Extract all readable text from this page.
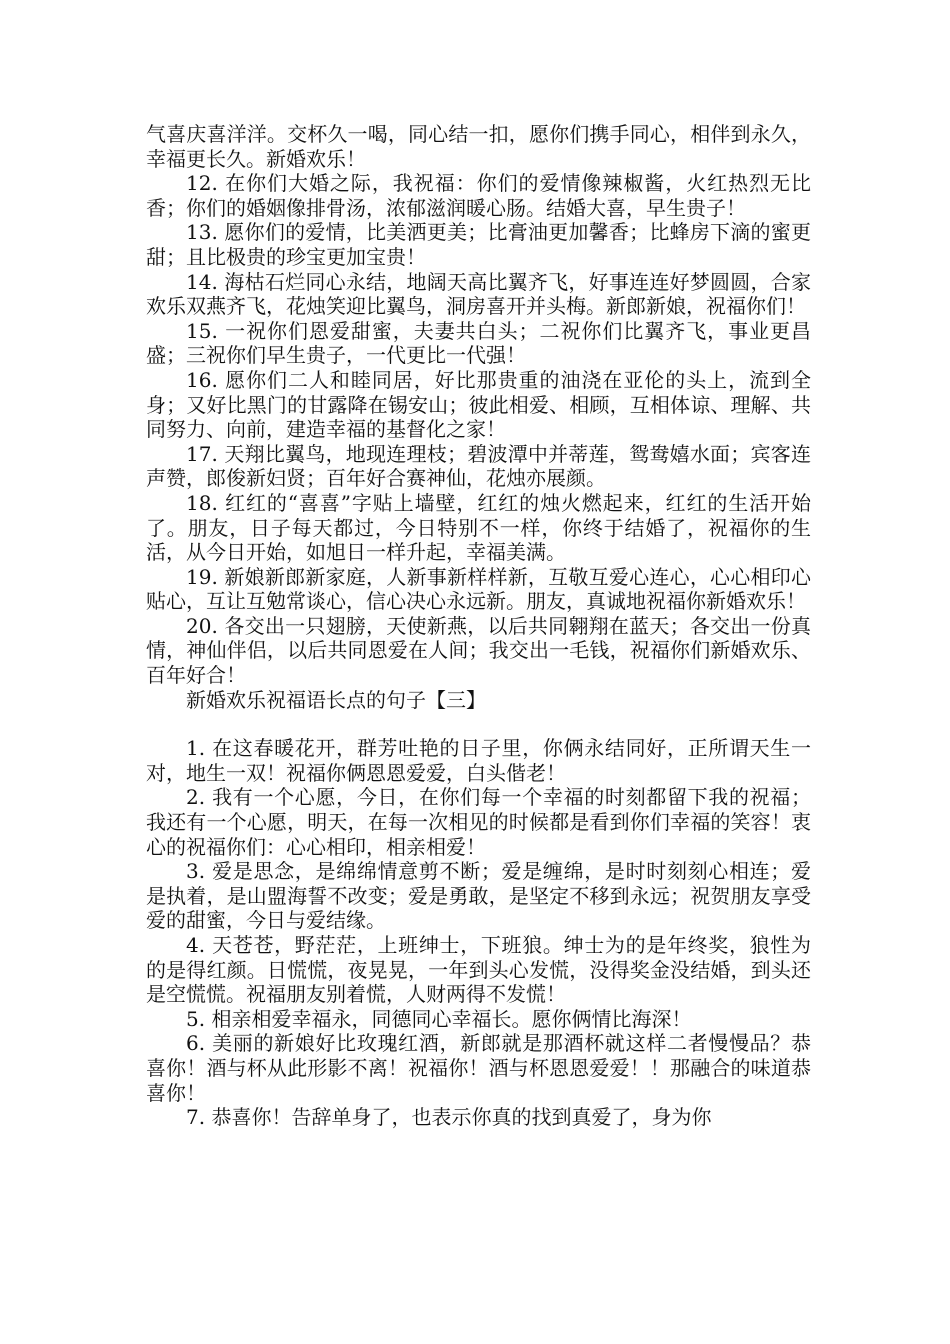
气喜庆喜洋洋。交杯久一喝，同心结一扣，愿你们携手同心，相伴到永久，幸福更长久。新婚欢乐！

12. 在你们大婚之际，我祝福：你们的爱情像辣椒酱，火红热烈无比香；你们的婚姻像排骨汤，浓郁滋润暖心肠。结婚大喜，早生贵子！

13. 愿你们的爱情，比美洒更美；比膏油更加馨香；比蜂房下滴的蜜更甜；且比极贵的珍宝更加宝贵！

14. 海枯石烂同心永结，地阔天高比翼齐飞，好事连连好梦圆圆，合家欢乐双燕齐飞，花烛笑迎比翼鸟，洞房喜开并头梅。新郎新娘，祝福你们！

15. 一祝你们恩爱甜蜜，夫妻共白头；二祝你们比翼齐飞，事业更昌盛；三祝你们早生贵子，一代更比一代强！

16. 愿你们二人和睦同居，好比那贵重的油浇在亚伦的头上，流到全身；又好比黑门的甘露降在锡安山；彼此相爱、相顾，互相体谅、理解、共同努力、向前，建造幸福的基督化之家！

17. 天翔比翼鸟，地现连理枝；碧波潭中并蒂莲，鸳鸯嬉水面；宾客连声赞，郎俊新妇贤；百年好合赛神仙，花烛亦展颜。

18. 红红的“喜喜”字贴上墙壁，红红的烛火燃起来，红红的生活开始了。朋友，日子每天都过，今日特别不一样，你终于结婚了，祝福你的生活，从今日开始，如旭日一样升起，幸福美满。

19. 新娘新郎新家庭，人新事新样样新，互敬互爱心连心，心心相印心贴心，互让互勉常谈心，信心决心永远新。朋友，真诚地祝福你新婚欢乐！

20. 各交出一只翅膀，天使新燕，以后共同翱翔在蓝天；各交出一份真情，神仙伴侣，以后共同恩爱在人间；我交出一毛钱，祝福你们新婚欢乐、百年好合！

新婚欢乐祝福语长点的句子【三】

1. 在这春暖花开，群芳吐艳的日子里，你俩永结同好，正所谓天生一对，地生一双！祝福你俩恩恩爱爱，白头偕老！

2. 我有一个心愿，今日，在你们每一个幸福的时刻都留下我的祝福；我还有一个心愿，明天，在每一次相见的时候都是看到你们幸福的笑容！衷心的祝福你们：心心相印，相亲相爱！

3. 爱是思念，是绵绵情意剪不断；爱是缠绵，是时时刻刻心相连；爱是执着，是山盟海誓不改变；爱是勇敢，是坚定不移到永远；祝贺朋友享受爱的甜蜜，今日与爱结缘。

4. 天苍苍，野茫茫，上班绅士，下班狼。绅士为的是年终奖，狼性为的是得红颜。日慌慌，夜晃晃，一年到头心发慌，没得奖金没结婚，到头还是空慌慌。祝福朋友别着慌，人财两得不发慌！

5. 相亲相爱幸福永，同德同心幸福长。愿你俩情比海深！

6. 美丽的新娘好比玫瑰红酒，新郎就是那酒杯就这样二者慢慢品？恭喜你！酒与杯从此形影不离！祝福你！酒与杯恩恩爱爱！！那融合的味道恭喜你！

7. 恭喜你！告辞单身了，也表示你真的找到真爱了，身为你
